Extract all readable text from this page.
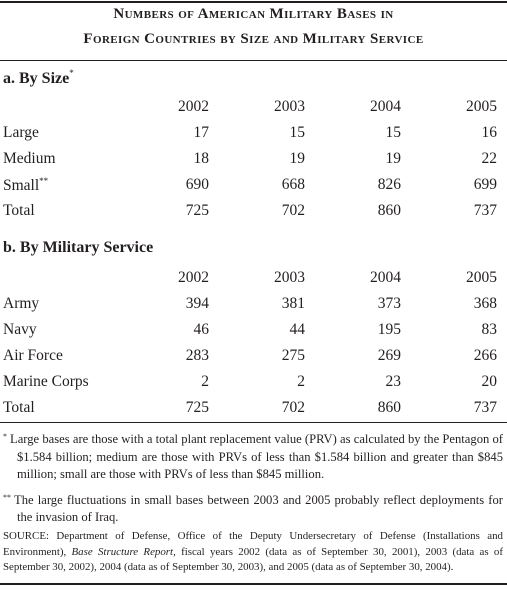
Numbers of American Military Bases in
Foreign Countries by Size and Military Service
a. By Size*
	2002	2003	2004	2005
Large	17	15	15	16
Medium	18	19	19	22
Small**	690	668	826	699
Total	725	702	860	737
b. By Military Service
	2002	2003	2004	2005
Army	394	381	373	368
Navy	46	44	195	83
Air Force	283	275	269	266
Marine Corps	2	2	23	20
Total	725	702	860	737

* Large bases are those with a total plant replacement value (PRV) as calculated by the Pentagon of $1.584 billion; medium are those with PRVs of less than $1.584 billion and greater than $845 million; small are those with PRVs of less than $845 million.

** The large fluctuations in small bases between 2003 and 2005 probably reflect deployments for the invasion of Iraq.

SOURCE: Department of Defense, Office of the Deputy Undersecretary of Defense (Installations and Environment), Base Structure Report, fiscal years 2002 (data as of September 30, 2001), 2003 (data as of September 30, 2002), 2004 (data as of September 30, 2003), and 2005 (data as of September 30, 2004).
